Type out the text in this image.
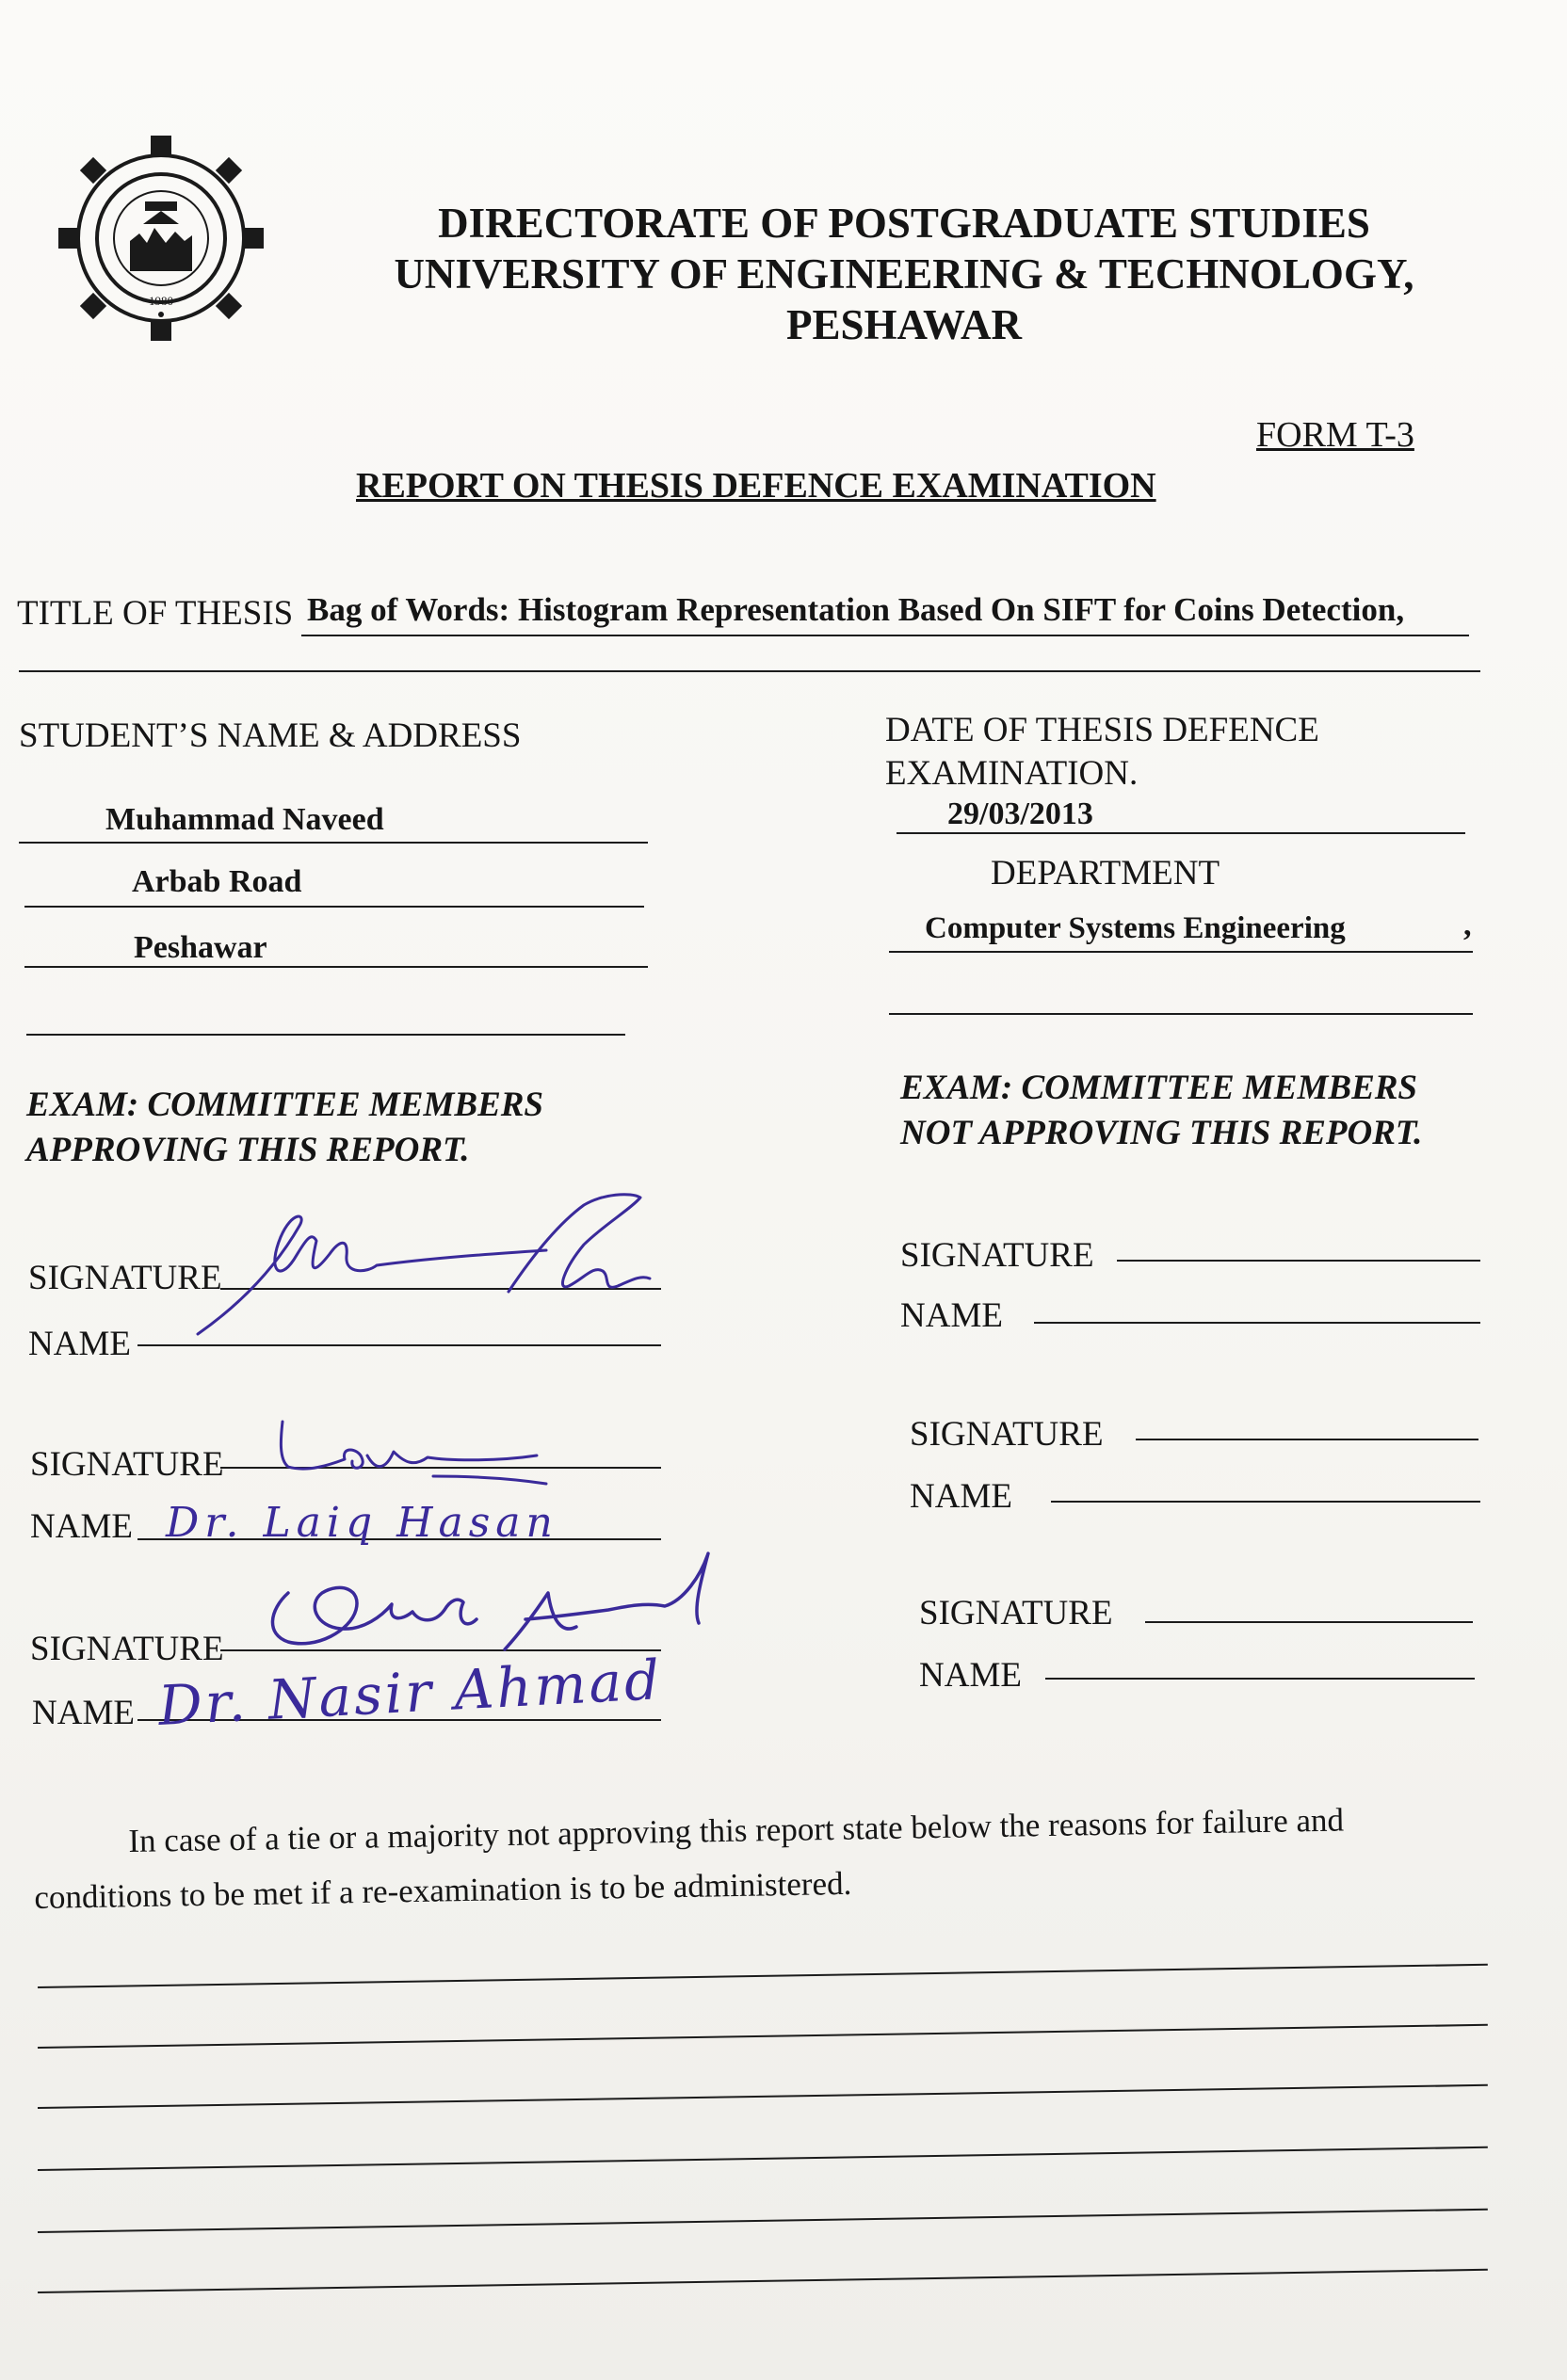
1980
DIRECTORATE OF POSTGRADUATE STUDIES
UNIVERSITY OF ENGINEERING & TECHNOLOGY,
PESHAWAR
FORM T-3
REPORT ON THESIS DEFENCE EXAMINATION
TITLE OF THESIS Bag of Words: Histogram Representation Based On SIFT for Coins Detection,
STUDENT’S NAME & ADDRESS
Muhammad Naveed
Arbab Road
Peshawar
DATE OF THESIS DEFENCE
EXAMINATION.
29/03/2013
DEPARTMENT
Computer Systems Engineering	,
EXAM: COMMITTEE MEMBERS
APPROVING THIS REPORT.
SIGNATURE
NAME
SIGNATURE
NAME
SIGNATURE
NAME
Dr. Laiq Hasan
Dr. Nasir Ahmad
EXAM: COMMITTEE MEMBERS
NOT APPROVING THIS REPORT.
SIGNATURE
NAME
SIGNATURE
NAME
SIGNATURE
NAME
In case of a tie or a majority not approving this report state below the reasons for failure and
conditions to be met if a re-examination is to be administered.
